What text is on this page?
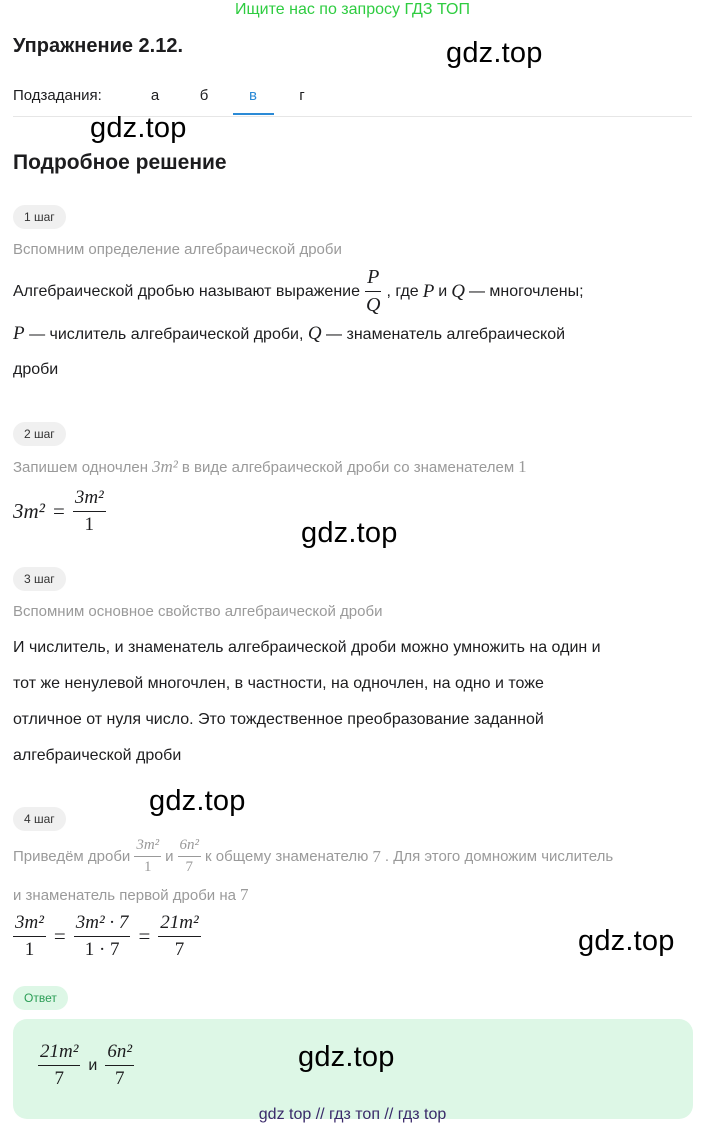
Ищите нас по запросу ГДЗ ТОП
Упражнение 2.12.	gdz.top
Подзадания:	а	б	в	г
gdz.top
Подробное решение
1 шаг
Вспомним определение алгебраической дроби
Алгебраической дробью называют выражение $\frac{P}{Q}$ , где P и Q — многочлены;
P — числитель алгебраической дроби, Q — знаменатель алгебраической
дроби
2 шаг
Запишем одночлен 3m² в виде алгебраической дроби со знаменателем 1
$3m^2 = \frac{\text{3m²}}{1}$	gdz.top
3 шаг
Вспомним основное свойство алгебраической дроби
И числитель, и знаменатель алгебраической дроби можно умножить на один и
тот же ненулевой многочлен, в частности, на одночлен, на одно и тоже
отличное от нуля число. Это тождественное преобразование заданной
алгебраической дроби
gdz.top
4 шаг
Приведём дроби $\frac{\text{3m²}}{1}$ и $\frac{\text{6n²}}{7}$ к общему знаменателю 7 . Для этого домножим числитель
и знаменатель первой дроби на 7
$\frac{\text{3m²}}{1} = \frac{\text{3m² · 7}}{1 \cdot 7} = \frac{\text{21m²}}{7}$	gdz.top
Ответ
$\frac{\text{21m²}}{7}$ и $\frac{\text{6n²}}{7}$	gdz.top
gdz top // гдз топ // гдз top
